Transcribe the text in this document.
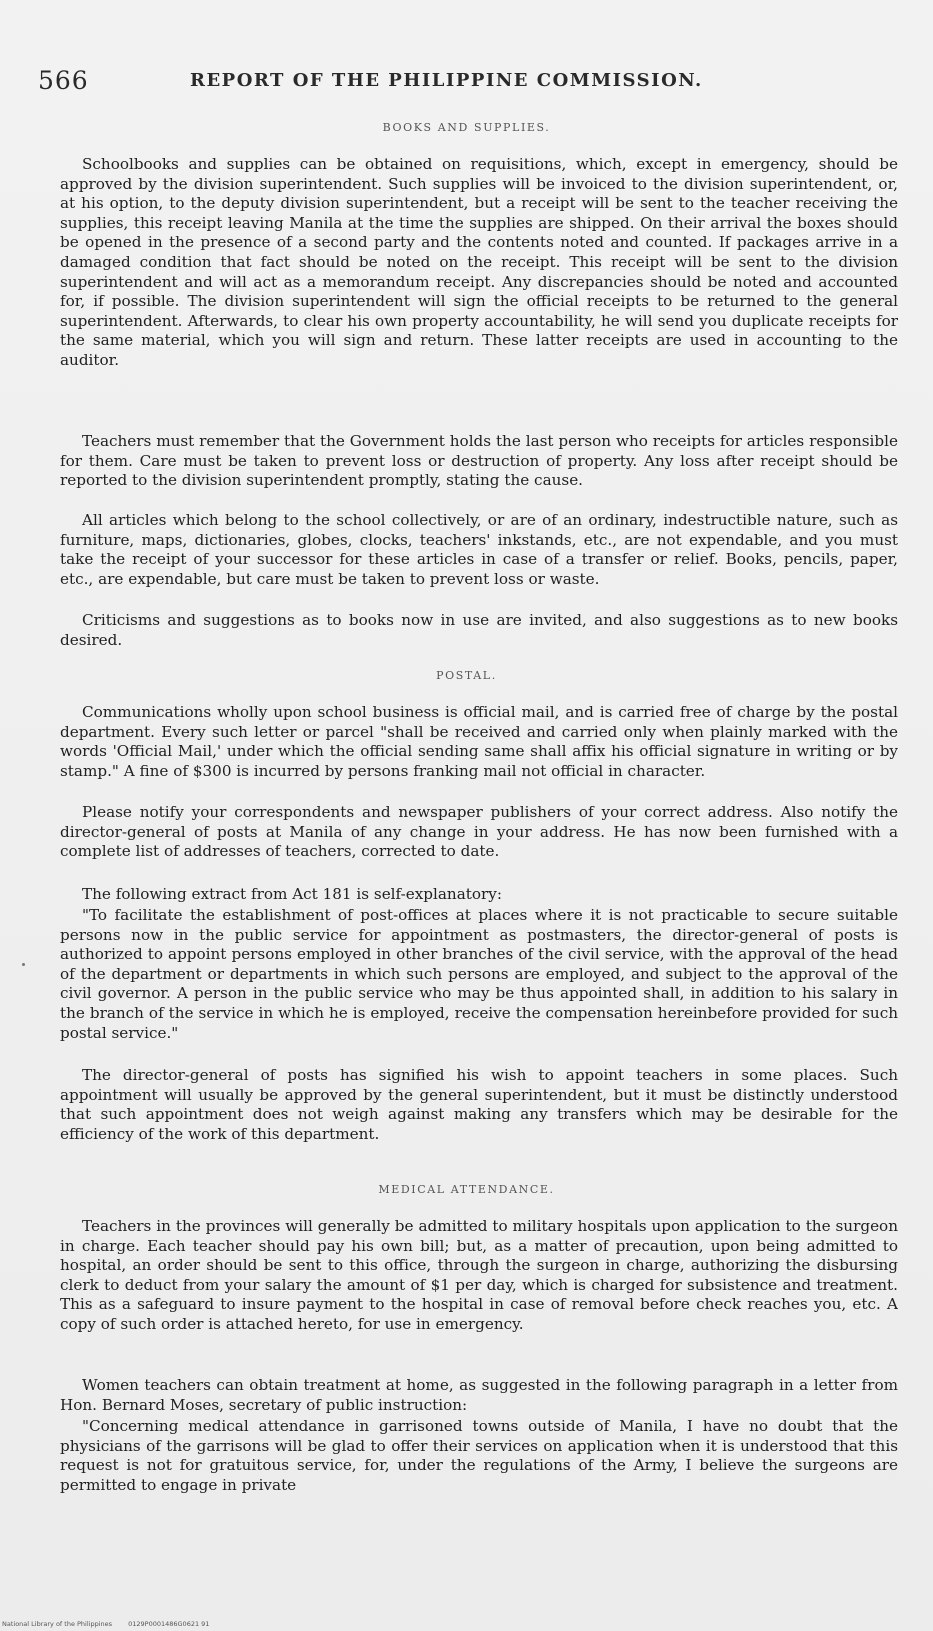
566	REPORT OF THE PHILIPPINE COMMISSION.
BOOKS AND SUPPLIES.

Schoolbooks and supplies can be obtained on requisitions, which, except in emergency, should be approved by the division superintendent. Such supplies will be invoiced to the division superintendent, or, at his option, to the deputy division superintendent, but a receipt will be sent to the teacher receiving the supplies, this receipt leaving Manila at the time the supplies are shipped. On their arrival the boxes should be opened in the presence of a second party and the contents noted and counted. If packages arrive in a damaged condition that fact should be noted on the receipt. This receipt will be sent to the division superintendent and will act as a memorandum receipt. Any discrepancies should be noted and accounted for, if possible. The division superintendent will sign the official receipts to be returned to the general superintendent. Afterwards, to clear his own property accountability, he will send you duplicate receipts for the same material, which you will sign and return. These latter receipts are used in accounting to the auditor.

Teachers must remember that the Government holds the last person who receipts for articles responsible for them. Care must be taken to prevent loss or destruction of property. Any loss after receipt should be reported to the division superintendent promptly, stating the cause.

All articles which belong to the school collectively, or are of an ordinary, indestructible nature, such as furniture, maps, dictionaries, globes, clocks, teachers' inkstands, etc., are not expendable, and you must take the receipt of your successor for these articles in case of a transfer or relief. Books, pencils, paper, etc., are expendable, but care must be taken to prevent loss or waste.

Criticisms and suggestions as to books now in use are invited, and also suggestions as to new books desired.

POSTAL.

Communications wholly upon school business is official mail, and is carried free of charge by the postal department. Every such letter or parcel "shall be received and carried only when plainly marked with the words 'Official Mail,' under which the official sending same shall affix his official signature in writing or by stamp." A fine of $300 is incurred by persons franking mail not official in character.

Please notify your correspondents and newspaper publishers of your correct address. Also notify the director-general of posts at Manila of any change in your address. He has now been furnished with a complete list of addresses of teachers, corrected to date.

The following extract from Act 181 is self-explanatory:

"To facilitate the establishment of post-offices at places where it is not practicable to secure suitable persons now in the public service for appointment as postmasters, the director-general of posts is authorized to appoint persons employed in other branches of the civil service, with the approval of the head of the department or departments in which such persons are employed, and subject to the approval of the civil governor. A person in the public service who may be thus appointed shall, in addition to his salary in the branch of the service in which he is employed, receive the compensation hereinbefore provided for such postal service."

The director-general of posts has signified his wish to appoint teachers in some places. Such appointment will usually be approved by the general superintendent, but it must be distinctly understood that such appointment does not weigh against making any transfers which may be desirable for the efficiency of the work of this department.

MEDICAL ATTENDANCE.

Teachers in the provinces will generally be admitted to military hospitals upon application to the surgeon in charge. Each teacher should pay his own bill; but, as a matter of precaution, upon being admitted to hospital, an order should be sent to this office, through the surgeon in charge, authorizing the disbursing clerk to deduct from your salary the amount of $1 per day, which is charged for subsistence and treatment. This as a safeguard to insure payment to the hospital in case of removal before check reaches you, etc. A copy of such order is attached hereto, for use in emergency.

Women teachers can obtain treatment at home, as suggested in the following paragraph in a letter from Hon. Bernard Moses, secretary of public instruction:

"Concerning medical attendance in garrisoned towns outside of Manila, I have no doubt that the physicians of the garrisons will be glad to offer their services on application when it is understood that this request is not for gratuitous service, for, under the regulations of the Army, I believe the surgeons are permitted to engage in private

National Library of the Philippines 0129P0001486G0621 91
